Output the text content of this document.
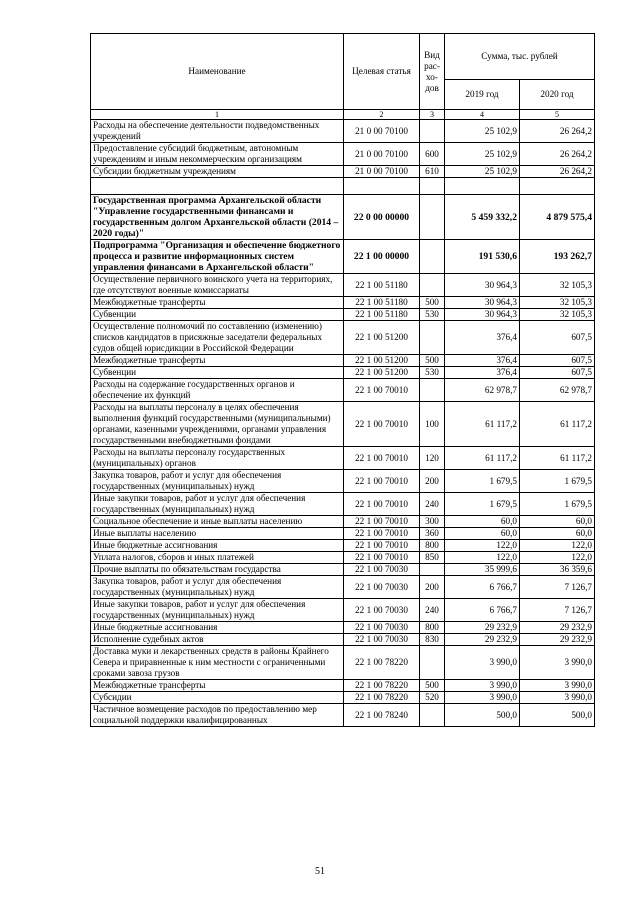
Наименование	Целевая статья	Вид рас-хо-дов	Сумма, тыс. рублей	
			2019 год	2020 год
1	2	3	4	5
Расходы на обеспечение деятельности подведомственных учреждений	21 0 00 70100		25 102,9	26 264,2
Предоставление субсидий бюджетным, автономным учреждениям и иным некоммерческим организациям	21 0 00 70100	600	25 102,9	26 264,2
Субсидии бюджетным учреждениям	21 0 00 70100	610	25 102,9	26 264,2

Государственная программа Архангельской области "Управление государственными финансами и государственным долгом Архангельской области (2014 – 2020 годы)"	22 0 00 00000		5 459 332,2	4 879 575,4
Подпрограмма "Организация и обеспечение бюджетного процесса и развитие информационных систем управления финансами в Архангельской области"	22 1 00 00000		191 530,6	193 262,7
Осуществление первичного воинского учета на территориях, где отсутствуют военные комиссариаты	22 1 00 51180		30 964,3	32 105,3
Межбюджетные трансферты	22 1 00 51180	500	30 964,3	32 105,3
Субвенции	22 1 00 51180	530	30 964,3	32 105,3
Осуществление полномочий по составлению (изменению) списков кандидатов в присяжные заседатели федеральных судов общей юрисдикции в Российской Федерации	22 1 00 51200		376,4	607,5
Межбюджетные трансферты	22 1 00 51200	500	376,4	607,5
Субвенции	22 1 00 51200	530	376,4	607,5
Расходы на содержание государственных органов и обеспечение их функций	22 1 00 70010		62 978,7	62 978,7
Расходы на выплаты персоналу в целях обеспечения выполнения функций государственными (муниципальными) органами, казенными учреждениями, органами управления государственными внебюджетными фондами	22 1 00 70010	100	61 117,2	61 117,2
Расходы на выплаты персоналу государственных (муниципальных) органов	22 1 00 70010	120	61 117,2	61 117,2
Закупка товаров, работ и услуг для обеспечения государственных (муниципальных) нужд	22 1 00 70010	200	1 679,5	1 679,5
Иные закупки товаров, работ и услуг для обеспечения государственных (муниципальных) нужд	22 1 00 70010	240	1 679,5	1 679,5
Социальное обеспечение и иные выплаты населению	22 1 00 70010	300	60,0	60,0
Иные выплаты населению	22 1 00 70010	360	60,0	60,0
Иные бюджетные ассигнования	22 1 00 70010	800	122,0	122,0
Уплата налогов, сборов и иных платежей	22 1 00 70010	850	122,0	122,0
Прочие выплаты по обязательствам государства	22 1 00 70030		35 999,6	36 359,6
Закупка товаров, работ и услуг для обеспечения государственных (муниципальных) нужд	22 1 00 70030	200	6 766,7	7 126,7
Иные закупки товаров, работ и услуг для обеспечения государственных (муниципальных) нужд	22 1 00 70030	240	6 766,7	7 126,7
Иные бюджетные ассигнования	22 1 00 70030	800	29 232,9	29 232,9
Исполнение судебных актов	22 1 00 70030	830	29 232,9	29 232,9
Доставка муки и лекарственных средств в районы Крайнего Севера и приравненные к ним местности с ограниченными сроками завоза грузов	22 1 00 78220		3 990,0	3 990,0
Межбюджетные трансферты	22 1 00 78220	500	3 990,0	3 990,0
Субсидии	22 1 00 78220	520	3 990,0	3 990,0
Частичное возмещение расходов по предоставлению мер социальной поддержки квалифицированных	22 1 00 78240		500,0	500,0
51
